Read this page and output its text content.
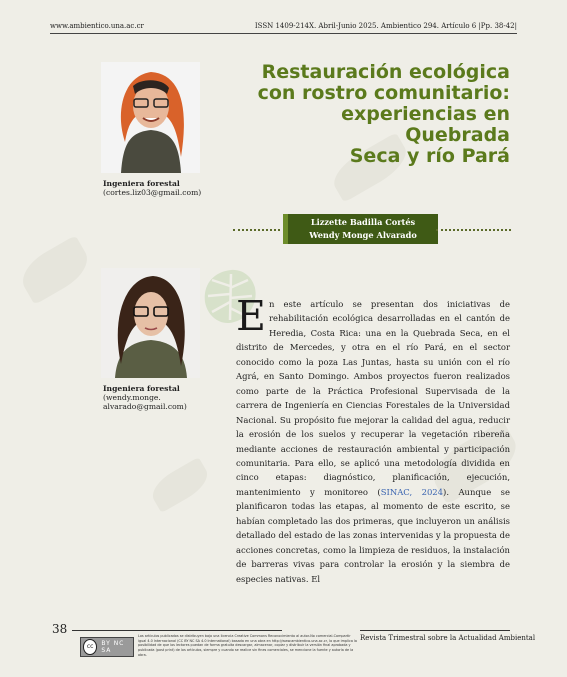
www.ambientico.una.ac.cr	ISSN 1409-214X. Abril-Junio 2025. Ambientico 294. Artículo 6 |Pp. 38-42|
Ingeniera forestal
(cortes.liz03@gmail.com)
Restauración ecológica
con rostro comunitario:
experiencias en Quebrada
Seca y río Pará
Lizzette Badilla Cortés
Wendy Monge Alvarado
Ingeniera forestal
(wendy.monge.
alvarado@gmail.com)
En este artículo se presentan dos iniciativas de rehabilitación ecológica desarrolladas en el cantón de Heredia, Costa Rica: una en la Quebrada Seca, en el distrito de Mercedes, y otra en el río Pará, en el sector conocido como la poza Las Juntas, hasta su unión con el río Agrá, en Santo Domingo. Ambos proyectos fueron realizados como parte de la Práctica Profesional Supervisada de la carrera de Ingeniería en Ciencias Forestales de la Universidad Nacional. Su propósito fue mejorar la calidad del agua, reducir la erosión de los suelos y recuperar la vegetación ribereña mediante acciones de restauración ambiental y participación comunitaria. Para ello, se aplicó una metodología dividida en cinco etapas: diagnóstico, planificación, ejecución, mantenimiento y monitoreo (SINAC, 2024). Aunque se planificaron todas las etapas, al momento de este escrito, se habían completado las dos primeras, que incluyeron un análisis detallado del estado de las zonas intervenidas y la propuesta de acciones concretas, como la limpieza de residuos, la instalación de barreras vivas para controlar la erosión y la siembra de especies nativas. El
38
cc	BY NC SA
Los artículos publicados se distribuyen bajo una licencia Creative Commons Reconocimiento al autor-No comercial-Compartir igual 4.0 Internacional (CC BY NC SA 4.0 International) basada en una obra en http://www.ambientico.una.ac.cr, lo que implica la posibilidad de que los lectores puedan de forma gratuita descargar, almacenar, copiar y distribuir la versión final aprobada y publicada (post print) de los artículos, siempre y cuando se realice sin fines comerciales, se mencione la fuente y autoría de la obra.
Revista Trimestral sobre la Actualidad Ambiental
